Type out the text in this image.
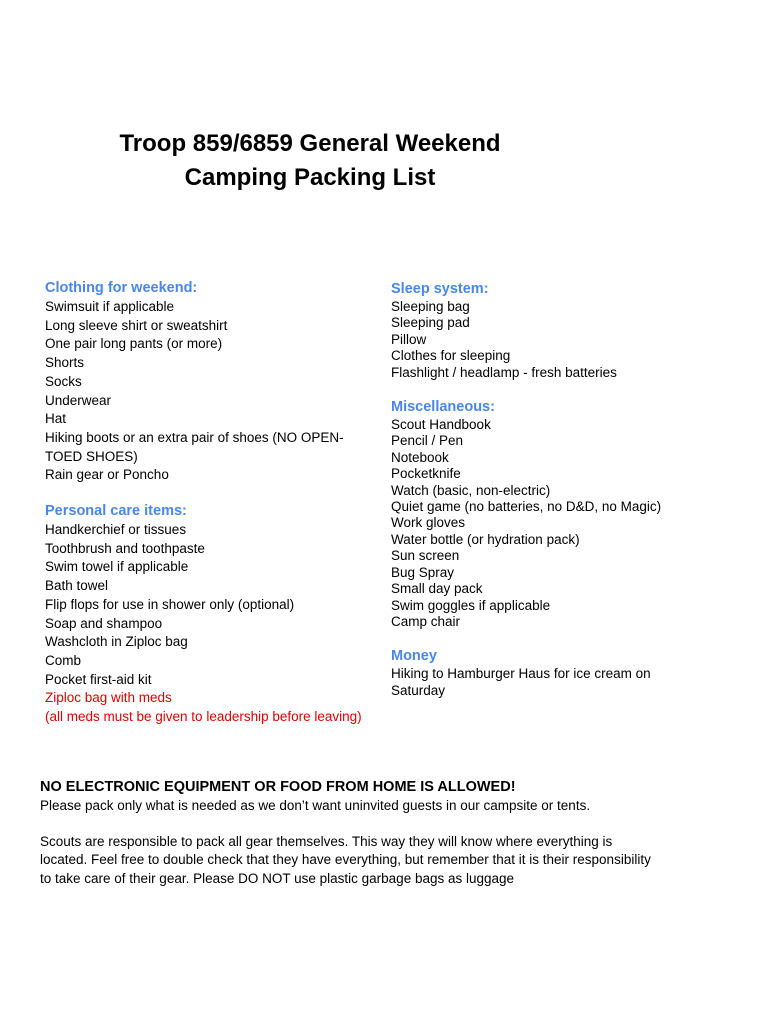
Troop 859/6859 General Weekend
Camping Packing List
Clothing for weekend:
Swimsuit if applicable
Long sleeve shirt or sweatshirt
One pair long pants (or more)
Shorts
Socks
Underwear
Hat
Hiking boots or an extra pair of shoes (NO OPEN-
TOED SHOES)
Rain gear or Poncho
Personal care items:
Handkerchief or tissues
Toothbrush and toothpaste
Swim towel if applicable
Bath towel
Flip flops for use in shower only (optional)
Soap and shampoo
Washcloth in Ziploc bag
Comb
Pocket first-aid kit
Ziploc bag with meds
(all meds must be given to leadership before leaving)
Sleep system:
Sleeping bag
Sleeping pad
Pillow
Clothes for sleeping
Flashlight / headlamp - fresh batteries
Miscellaneous:
Scout Handbook
Pencil / Pen
Notebook
Pocketknife
Watch (basic, non-electric)
Quiet game (no batteries, no D&D, no Magic)
Work gloves
Water bottle (or hydration pack)
Sun screen
Bug Spray
Small day pack
Swim goggles if applicable
Camp chair
Money
Hiking to Hamburger Haus for ice cream on
Saturday
NO ELECTRONIC EQUIPMENT OR FOOD FROM HOME IS ALLOWED!

Please pack only what is needed as we don’t want uninvited guests in our campsite or tents.

Scouts are responsible to pack all gear themselves. This way they will know where everything is
located. Feel free to double check that they have everything, but remember that it is their responsibility
to take care of their gear. Please DO NOT use plastic garbage bags as luggage
